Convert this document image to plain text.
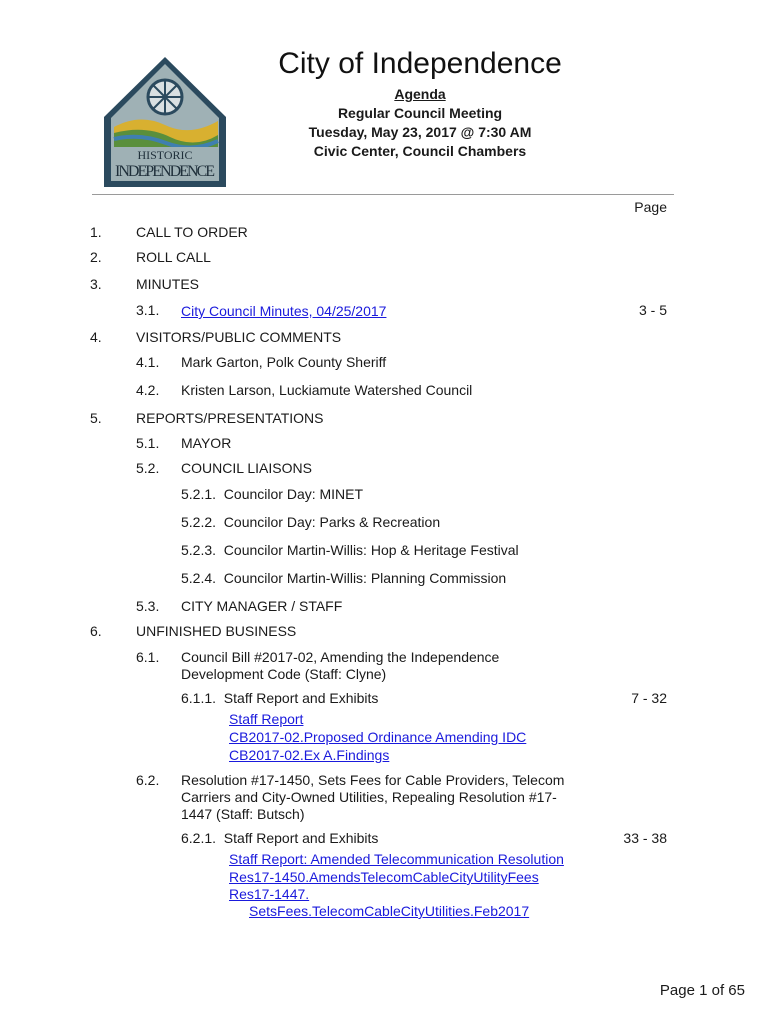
HISTORIC
INDEPENDENCE
City of Independence
Agenda
Regular Council Meeting
Tuesday, May 23, 2017 @ 7:30 AM
Civic Center, Council Chambers
Page
1. CALL TO ORDER
2. ROLL CALL
3. MINUTES
3.1. City Council Minutes, 04/25/2017	3 - 5
4. VISITORS/PUBLIC COMMENTS
4.1. Mark Garton, Polk County Sheriff
4.2. Kristen Larson, Luckiamute Watershed Council
5. REPORTS/PRESENTATIONS
5.1. MAYOR
5.2. COUNCIL LIAISONS
5.2.1.  Councilor Day: MINET
5.2.2.  Councilor Day: Parks & Recreation
5.2.3.  Councilor Martin-Willis: Hop & Heritage Festival
5.2.4.  Councilor Martin-Willis: Planning Commission
5.3. CITY MANAGER / STAFF
6. UNFINISHED BUSINESS
6.1. Council Bill #2017-02, Amending the Independence
Development Code (Staff: Clyne)
6.1.1.  Staff Report and Exhibits	7 - 32
Staff Report
CB2017-02.Proposed Ordinance Amending IDC
CB2017-02.Ex A.Findings
6.2. Resolution #17-1450, Sets Fees for Cable Providers, Telecom
Carriers and City-Owned Utilities, Repealing Resolution #17-
1447 (Staff: Butsch)
6.2.1.  Staff Report and Exhibits	33 - 38
Staff Report: Amended Telecommunication Resolution
Res17-1450.AmendsTelecomCableCityUtilityFees
Res17-1447.
SetsFees.TelecomCableCityUtilities.Feb2017
Page 1 of 65
